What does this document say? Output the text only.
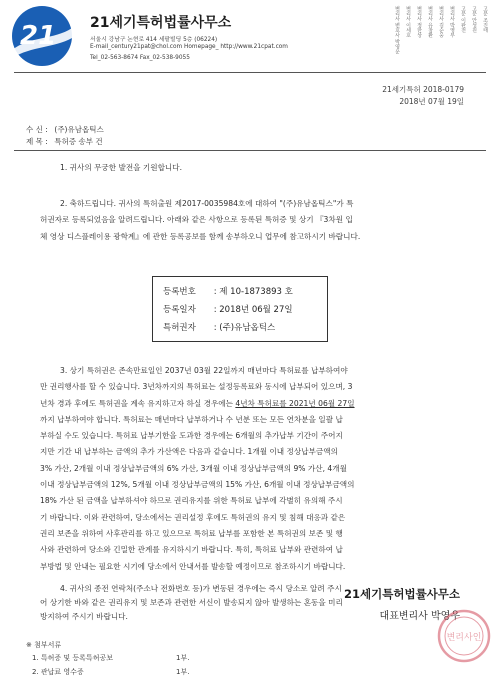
21 21세기특허법률사무소
서울시 강남구 논현로 414 세팔빌딩 5층 (06224)
E-mail_century21pat@chol.com Homepage_ http://www.21cpat.com
Tel_02-563-8674 Fax_02-538-9055
변리사 변호사 박영운 변리사 이세호 변리사 정한상 변리사 유창환 변리사 김순웅 변리사 박영부 고문 이완전 고문 안성원 고문 조진태
21세기특허 2018-0179
2018년 07월 19일
수 신 : (주)유남옵틱스
제 목 : 특허증 송부 건
1. 귀사의 무궁한 발전을 기원합니다.
2. 축하드립니다. 귀사의 특허출원 제2017-0035984호에 대하여 "(주)유남옵틱스"가 특
허권자로 등록되었음을 알려드립니다. 아래와 같은 사항으로 등록된 특허증 및 상기 『3차원 입
체 영상 디스플레이용 광학계』에 관한 등록공보를 함께 송부하오니 업무에 참고하시기 바랍니다.
등록번호 : 제 10-1873893 호
등록일자 : 2018년 06월 27일
특허권자 : (주)유남옵틱스
3. 상기 특허권은 존속만료일인 2037년 03월 22일까지 매년마다 특허료를 납부하여야
만 권리행사를 할 수 있습니다. 3년차까지의 특허료는 설정등록료와 동시에 납부되어 있으며, 3
년차 경과 후에도 특허권을 계속 유지하고자 하실 경우에는 4년차 특허료를 2021년 06월 27일
까지 납부하여야 합니다. 특허료는 매년마다 납부하거나 수 년분 또는 모든 연차분을 일괄 납
부하실 수도 있습니다. 특허료 납부기한을 도과한 경우에는 6개월의 추가납부 기간이 주어지
지만 기간 내 납부하는 금액의 추가 가산액은 다음과 같습니다. 1개월 이내 정상납부금액의
3% 가산, 2개월 이내 정상납부금액의 6% 가산, 3개월 이내 정상납부금액의 9% 가산, 4개월
이내 정상납부금액의 12%, 5개월 이내 정상납부금액의 15% 가산, 6개월 이내 정상납부금액의
18% 가산 된 금액을 납부하셔야 하므로 권리유지를 위한 특허료 납부에 각별히 유의해 주시
기 바랍니다. 이와 관련하여, 당소에서는 권리설정 후에도 특허권의 유지 및 침해 대응과 같은
권리 보존을 위하여 사후관리를 하고 있으므로 특허료 납부를 포함한 본 특허권의 보존 및 행
사와 관련하여 당소와 긴밀한 관계를 유지하시기 바랍니다. 특히, 특허료 납부와 관련하여 납
부방법 및 안내는 필요한 시기에 당소에서 안내서를 발송할 예정이므로 참조하시기 바랍니다.
4. 귀사의 종전 연락처(주소나 전화번호 등)가 변동된 경우에는 즉시 당소로 알려 주시
어 상기한 바와 같은 권리유지 및 보존과 관련한 서신이 발송되지 않아 발생하는 혼동을 미리
방지하여 주시기 바랍니다.
21세기특허법률사무소
대표변리사 박영우
변리사인
※ 첨부서류
1. 특허증 및 등록특허공보	1부.
2. 관납료 영수증	1부.
